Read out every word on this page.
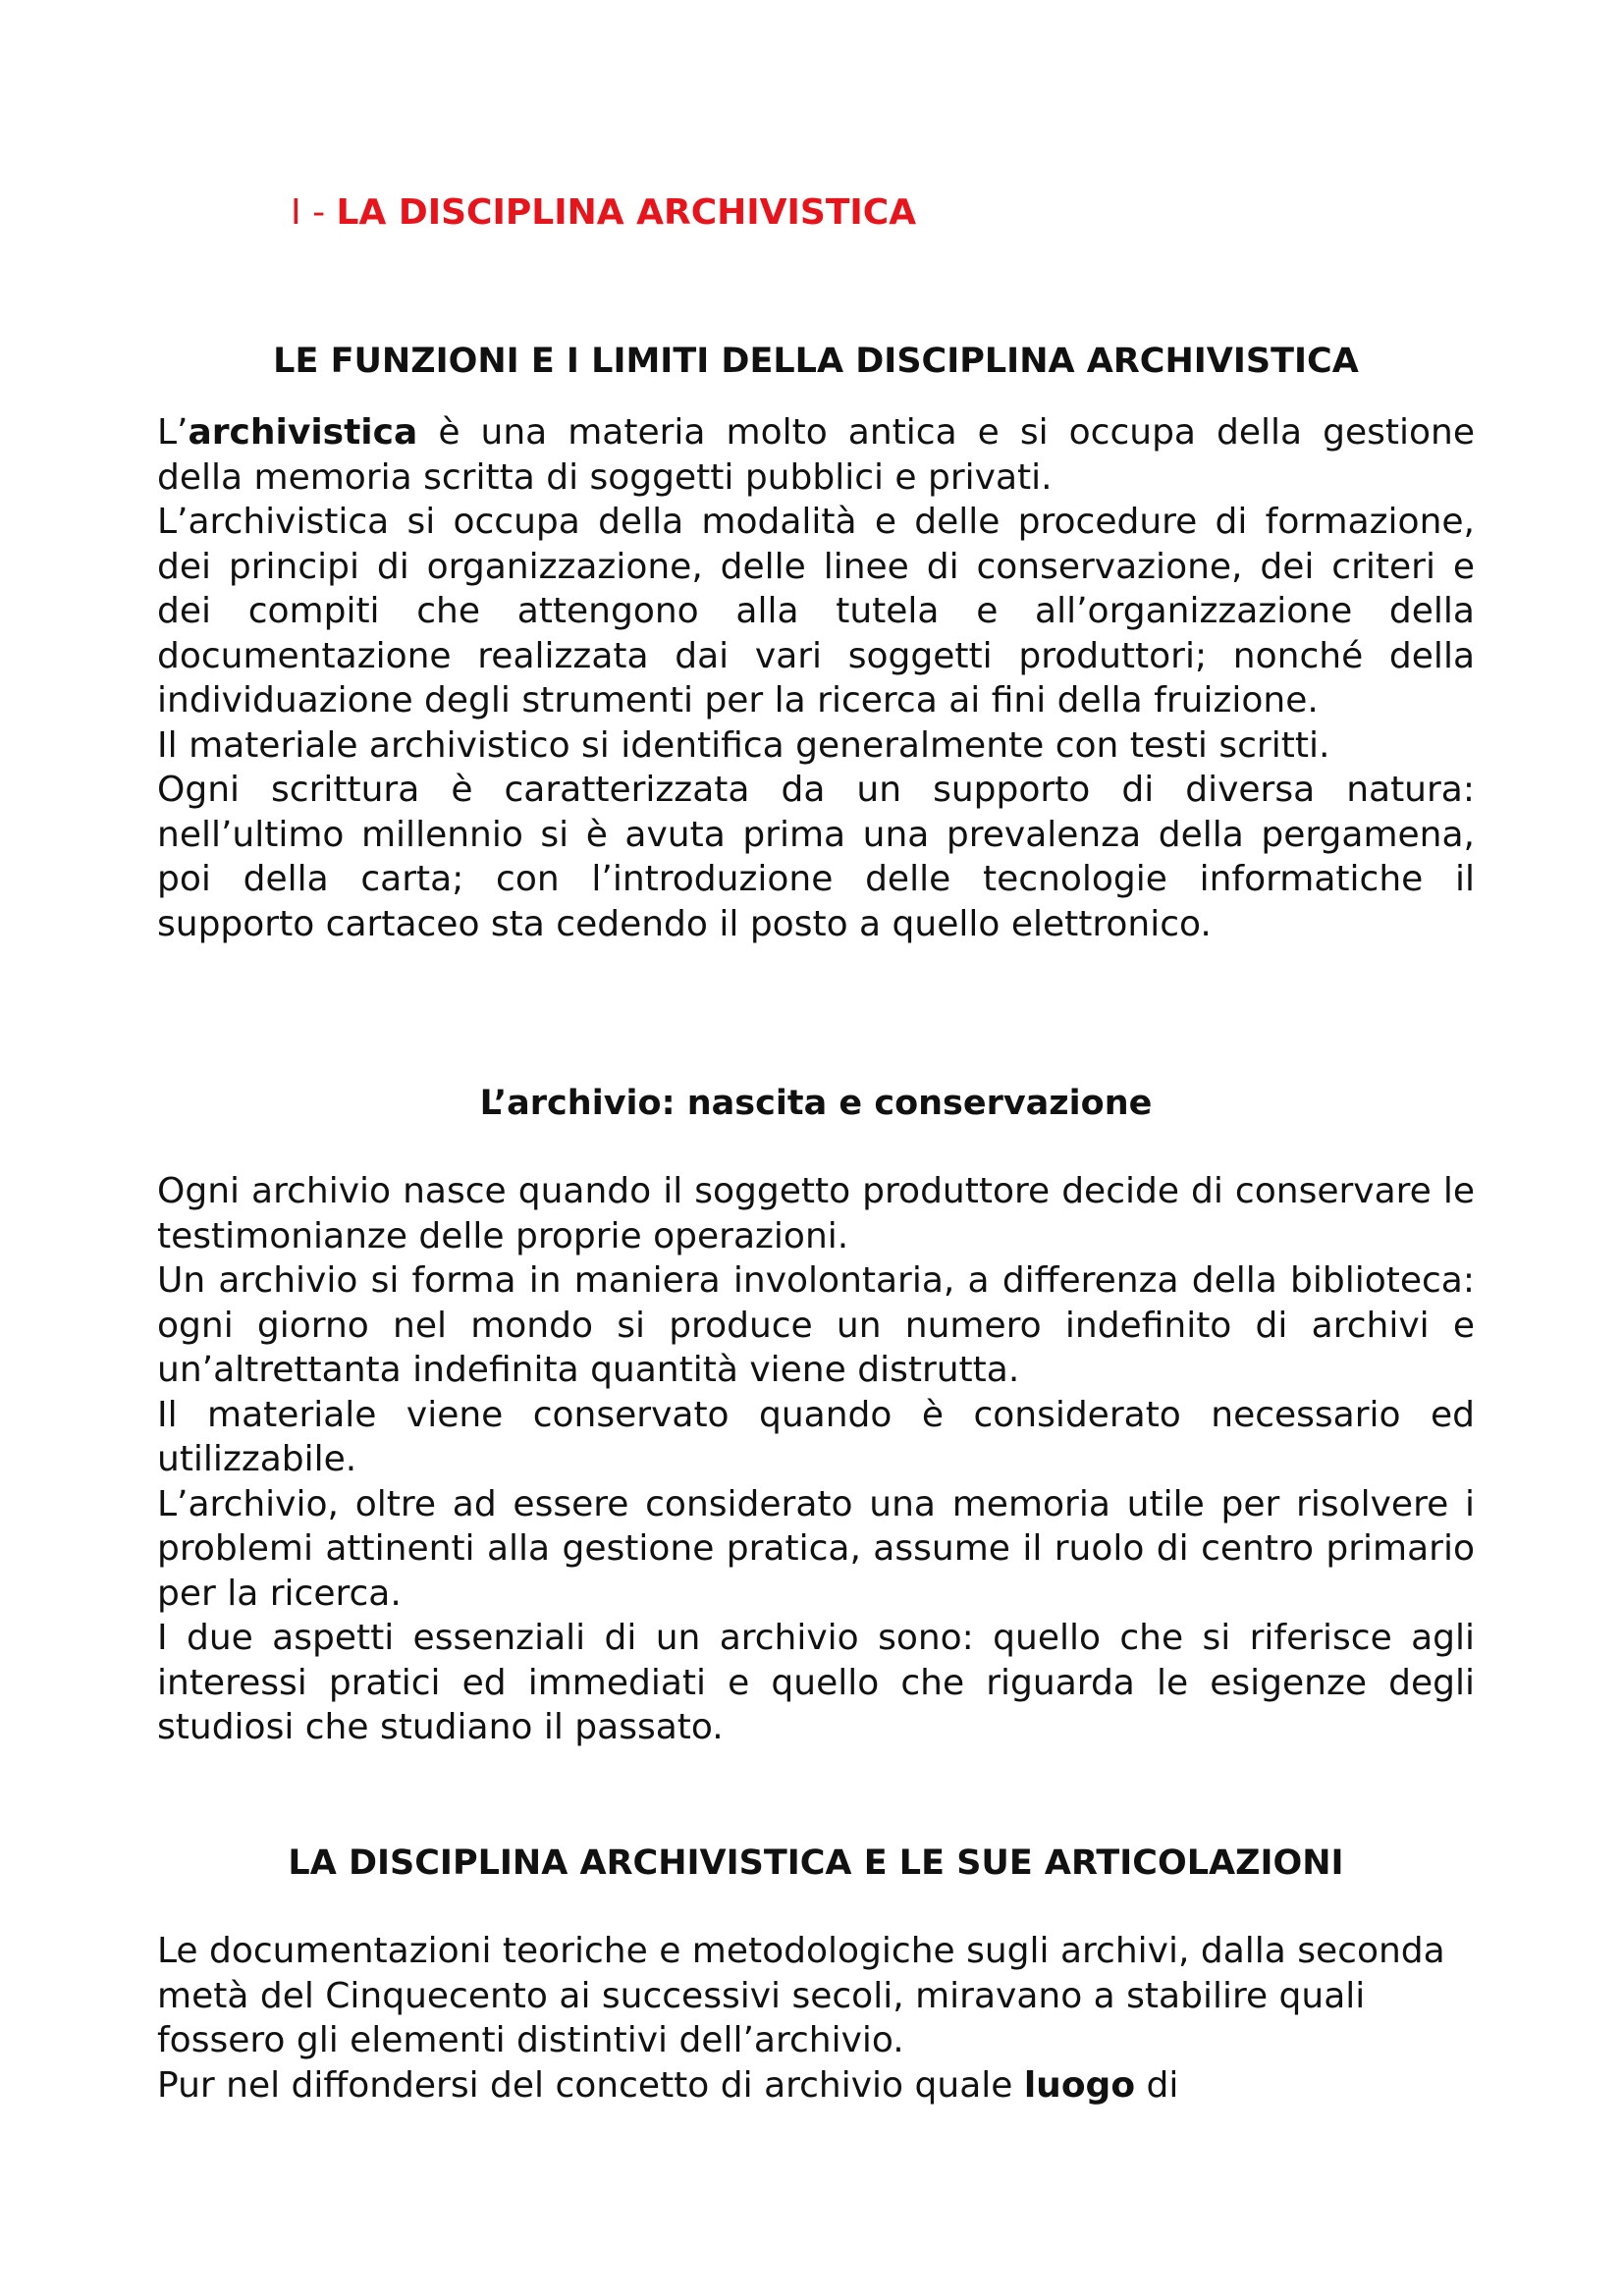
I - LA DISCIPLINA ARCHIVISTICA
LE FUNZIONI E I LIMITI DELLA DISCIPLINA ARCHIVISTICA

L’archivistica è una materia molto antica e si occupa della gestione della memoria scritta di soggetti pubblici e privati.

L’archivistica si occupa della modalità e delle procedure di formazione, dei principi di organizzazione, delle linee di conservazione, dei criteri e dei compiti che attengono alla tutela e all’organizzazione della documentazione realizzata dai vari soggetti produttori; nonché della individuazione degli strumenti per la ricerca ai fini della fruizione.

Il materiale archivistico si identifica generalmente con testi scritti.

Ogni scrittura è caratterizzata da un supporto di diversa natura: nell’ultimo millennio si è avuta prima una prevalenza della pergamena, poi della carta; con l’introduzione delle tecnologie informatiche il supporto cartaceo sta cedendo il posto a quello elettronico.

L’archivio: nascita e conservazione

Ogni archivio nasce quando il soggetto produttore decide di conservare le testimonianze delle proprie operazioni.

Un archivio si forma in maniera involontaria, a differenza della biblioteca: ogni giorno nel mondo si produce un numero indefinito di archivi e un’altrettanta indefinita quantità viene distrutta.

Il materiale viene conservato quando è considerato necessario ed utilizzabile.

L’archivio, oltre ad essere considerato una memoria utile per risolvere i problemi attinenti alla gestione pratica, assume il ruolo di centro primario per la ricerca.

I due aspetti essenziali di un archivio sono: quello che si riferisce agli interessi pratici ed immediati e quello che riguarda le esigenze degli studiosi che studiano il passato.

LA DISCIPLINA ARCHIVISTICA E LE SUE ARTICOLAZIONI

Le documentazioni teoriche e metodologiche sugli archivi, dalla seconda metà del Cinquecento ai successivi secoli, miravano a stabilire quali fossero gli elementi distintivi dell’archivio.

Pur nel diffondersi del concetto di archivio quale luogo di
